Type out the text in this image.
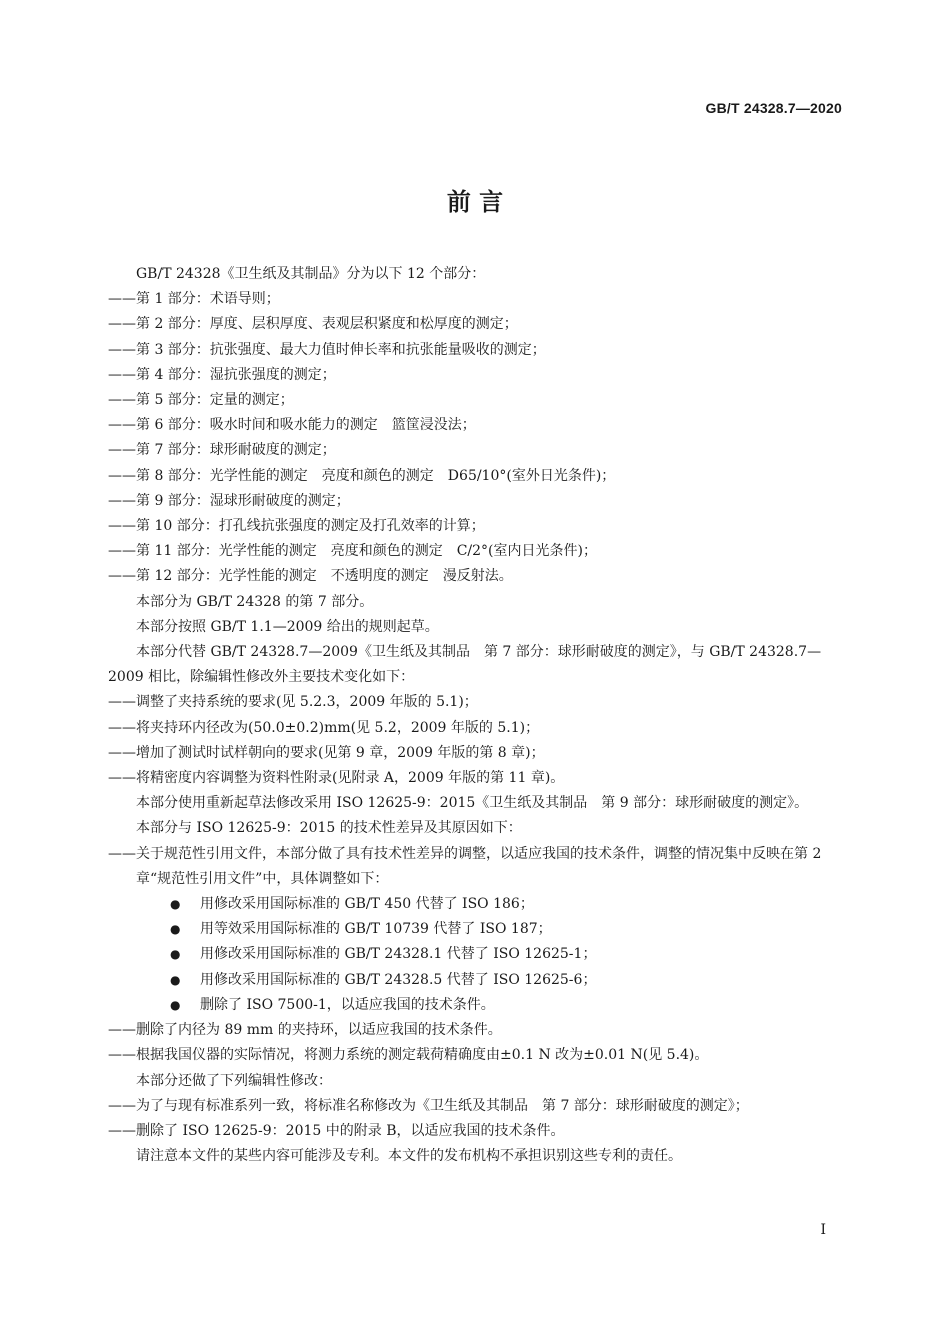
GB/T 24328.7—2020
前 言

GB/T 24328《卫生纸及其制品》分为以下 12 个部分：

——第 1 部分：术语导则；
——第 2 部分：厚度、层积厚度、表观层积紧度和松厚度的测定；
——第 3 部分：抗张强度、最大力值时伸长率和抗张能量吸收的测定；
——第 4 部分：湿抗张强度的测定；
——第 5 部分：定量的测定；
——第 6 部分：吸水时间和吸水能力的测定　篮筐浸没法；
——第 7 部分：球形耐破度的测定；
——第 8 部分：光学性能的测定　亮度和颜色的测定　D65/10°(室外日光条件)；
——第 9 部分：湿球形耐破度的测定；
——第 10 部分：打孔线抗张强度的测定及打孔效率的计算；
——第 11 部分：光学性能的测定　亮度和颜色的测定　C/2°(室内日光条件)；
——第 12 部分：光学性能的测定　不透明度的测定　漫反射法。

本部分为 GB/T 24328 的第 7 部分。

本部分按照 GB/T 1.1—2009 给出的规则起草。

本部分代替 GB/T 24328.7—2009《卫生纸及其制品　第 7 部分：球形耐破度的测定》，与 GB/T 24328.7—2009 相比，除编辑性修改外主要技术变化如下：

——调整了夹持系统的要求(见 5.2.3，2009 年版的 5.1)；
——将夹持环内径改为(50.0±0.2)mm(见 5.2，2009 年版的 5.1)；
——增加了测试时试样朝向的要求(见第 9 章，2009 年版的第 8 章)；
——将精密度内容调整为资料性附录(见附录 A，2009 年版的第 11 章)。

本部分使用重新起草法修改采用 ISO 12625-9：2015《卫生纸及其制品　第 9 部分：球形耐破度的测定》。

本部分与 ISO 12625-9：2015 的技术性差异及其原因如下：

——关于规范性引用文件，本部分做了具有技术性差异的调整，以适应我国的技术条件，调整的情况集中反映在第 2 章“规范性引用文件”中，具体调整如下：
●	用修改采用国际标准的 GB/T 450 代替了 ISO 186；
●	用等效采用国际标准的 GB/T 10739 代替了 ISO 187；
●	用修改采用国际标准的 GB/T 24328.1 代替了 ISO 12625-1；
●	用修改采用国际标准的 GB/T 24328.5 代替了 ISO 12625-6；
●	删除了 ISO 7500-1，以适应我国的技术条件。
——删除了内径为 89 mm 的夹持环，以适应我国的技术条件。
——根据我国仪器的实际情况，将测力系统的测定载荷精确度由±0.1 N 改为±0.01 N(见 5.4)。

本部分还做了下列编辑性修改：

——为了与现有标准系列一致，将标准名称修改为《卫生纸及其制品　第 7 部分：球形耐破度的测定》；
——删除了 ISO 12625-9：2015 中的附录 B，以适应我国的技术条件。

请注意本文件的某些内容可能涉及专利。本文件的发布机构不承担识别这些专利的责任。

I
